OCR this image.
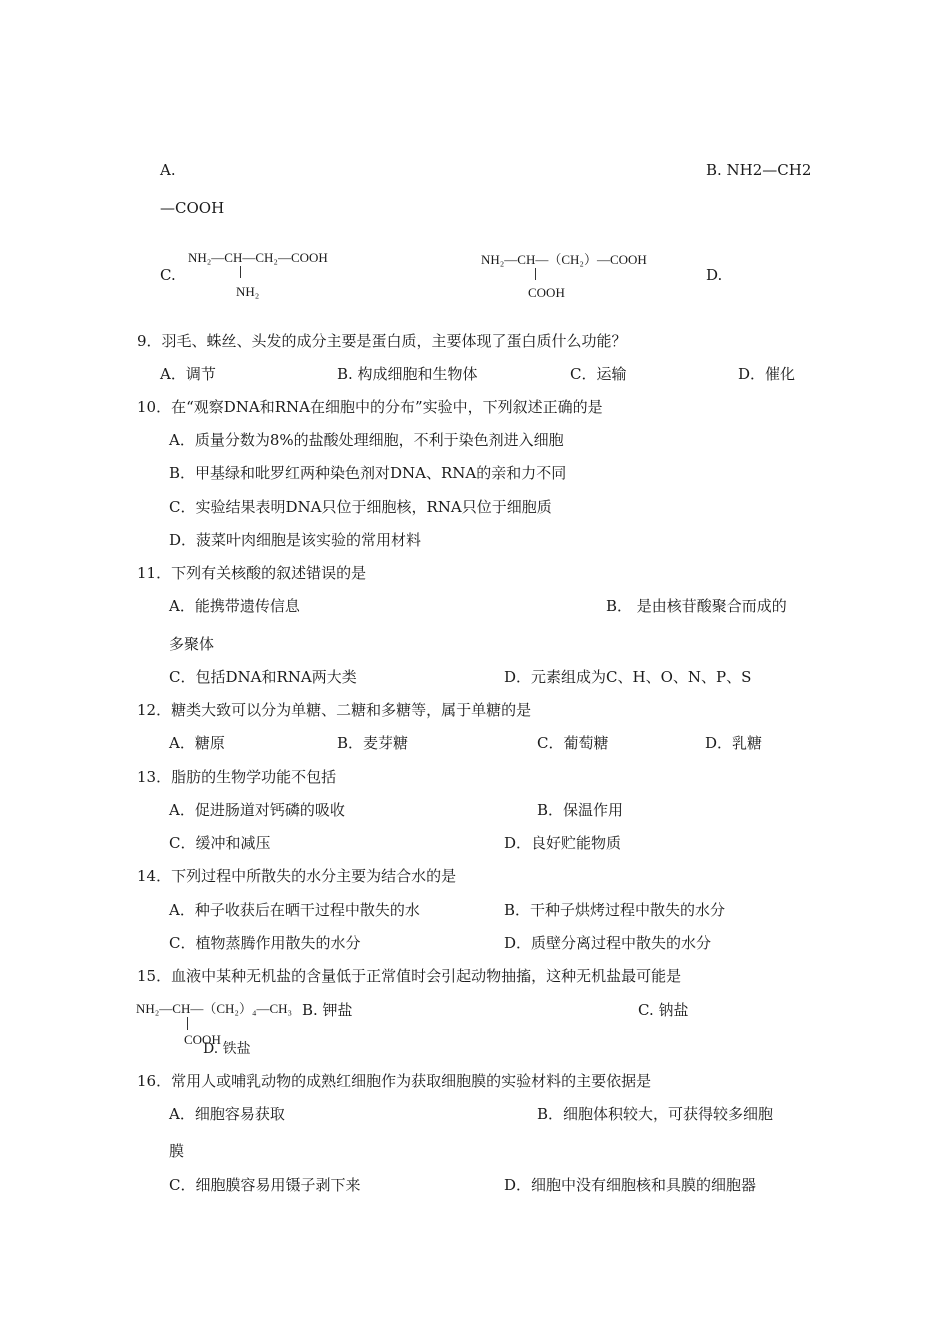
A.	B. NH2—CH2
—COOH
C.
NH₂—CH—CH₂—COOH
NH₂
NH₂—CH—（CH₂）—COOH
COOH
D.
9．羽毛、蛛丝、头发的成分主要是蛋白质，主要体现了蛋白质什么功能？
A．调节	B. 构成细胞和生物体	C．运输	D．催化
10．在“观察DNA和RNA在细胞中的分布”实验中，下列叙述正确的是
A．质量分数为8%的盐酸处理细胞，不利于染色剂进入细胞
B．甲基绿和吡罗红两种染色剂对DNA、RNA的亲和力不同
C．实验结果表明DNA只位于细胞核，RNA只位于细胞质
D．菠菜叶肉细胞是该实验的常用材料
11．下列有关核酸的叙述错误的是
A．能携带遗传信息	B． 是由核苷酸聚合而成的
多聚体
C．包括DNA和RNA两大类	D．元素组成为C、H、O、N、P、S
12．糖类大致可以分为单糖、二糖和多糖等，属于单糖的是
A．糖原	B．麦芽糖	C．葡萄糖	D．乳糖
13．脂肪的生物学功能不包括
A．促进肠道对钙磷的吸收	B．保温作用
C．缓冲和减压	D．良好贮能物质
14．下列过程中所散失的水分主要为结合水的是
A．种子收获后在晒干过程中散失的水	B．干种子烘烤过程中散失的水分
C．植物蒸腾作用散失的水分	D．质壁分离过程中散失的水分
15．血液中某种无机盐的含量低于正常值时会引起动物抽搐，这种无机盐最可能是
NH₂—CH—（CH₂）₄—CH₃
COOH
B. 钾盐	C. 钠盐
D. 铁盐
16．常用人或哺乳动物的成熟红细胞作为获取细胞膜的实验材料的主要依据是
A．细胞容易获取	B．细胞体积较大，可获得较多细胞
膜
C．细胞膜容易用镊子剥下来	D．细胞中没有细胞核和具膜的细胞器
